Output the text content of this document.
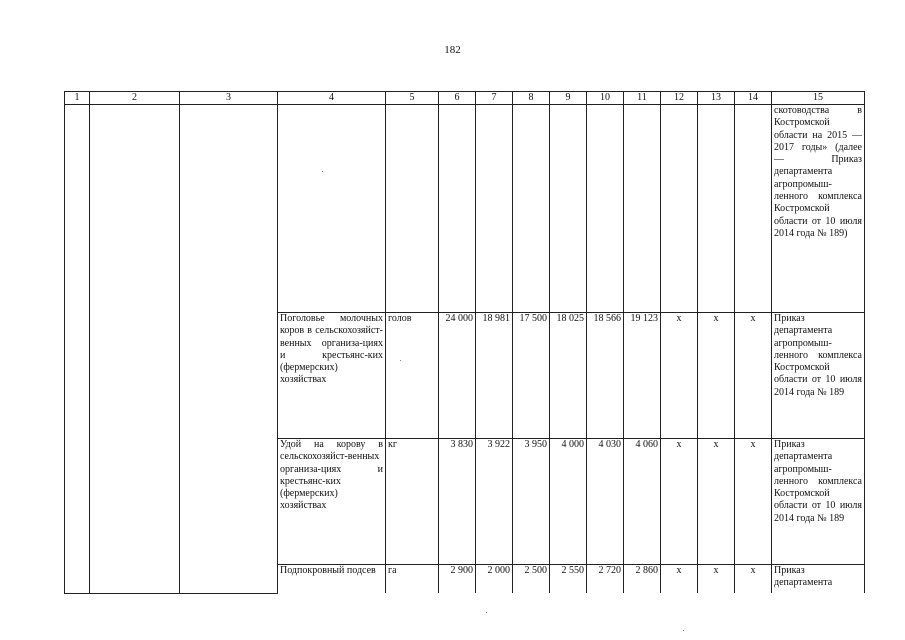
182
1	2	3	4	5	6	7	8	9	10	11	12	13	14	15
														скотоводства в Костромской области на 2015 — 2017 годы» (далее — Приказ департамента агропромыш-ленного комплекса Костромской области от 10 июля 2014 года № 189)
			Поголовье молочных коров в сельскохозяйст-венных организа-циях и крестьянс-ких (фермерских) хозяйствах	голов	24 000	18 981	17 500	18 025	18 566	19 123	x	x	x	Приказ департамента агропромыш-ленного комплекса Костромской области от 10 июля 2014 года № 189
			Удой на корову в сельскохозяйст-венных организа-циях и крестьянс-ких (фермерских) хозяйствах	кг	3 830	3 922	3 950	4 000	4 030	4 060	x	x	x	Приказ департамента агропромыш-ленного комплекса Костромской области от 10 июля 2014 года № 189
			Подпокровный подсев	га	2 900	2 000	2 500	2 550	2 720	2 860	x	x	x	Приказ департамента
